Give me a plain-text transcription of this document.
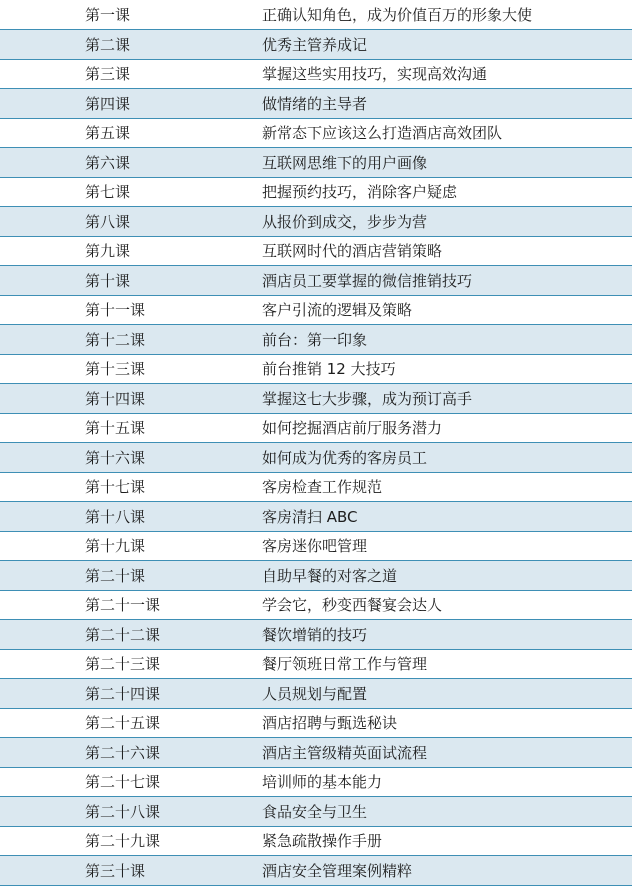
第一课	正确认知角色，成为价值百万的形象大使
第二课	优秀主管养成记
第三课	掌握这些实用技巧，实现高效沟通
第四课	做情绪的主导者
第五课	新常态下应该这么打造酒店高效团队
第六课	互联网思维下的用户画像
第七课	把握预约技巧，消除客户疑虑
第八课	从报价到成交，步步为营
第九课	互联网时代的酒店营销策略
第十课	酒店员工要掌握的微信推销技巧
第十一课	客户引流的逻辑及策略
第十二课	前台：第一印象
第十三课	前台推销 12 大技巧
第十四课	掌握这七大步骤，成为预订高手
第十五课	如何挖掘酒店前厅服务潜力
第十六课	如何成为优秀的客房员工
第十七课	客房检查工作规范
第十八课	客房清扫 ABC
第十九课	客房迷你吧管理
第二十课	自助早餐的对客之道
第二十一课	学会它，秒变西餐宴会达人
第二十二课	餐饮增销的技巧
第二十三课	餐厅领班日常工作与管理
第二十四课	人员规划与配置
第二十五课	酒店招聘与甄选秘诀
第二十六课	酒店主管级精英面试流程
第二十七课	培训师的基本能力
第二十八课	食品安全与卫生
第二十九课	紧急疏散操作手册
第三十课	酒店安全管理案例精粹
